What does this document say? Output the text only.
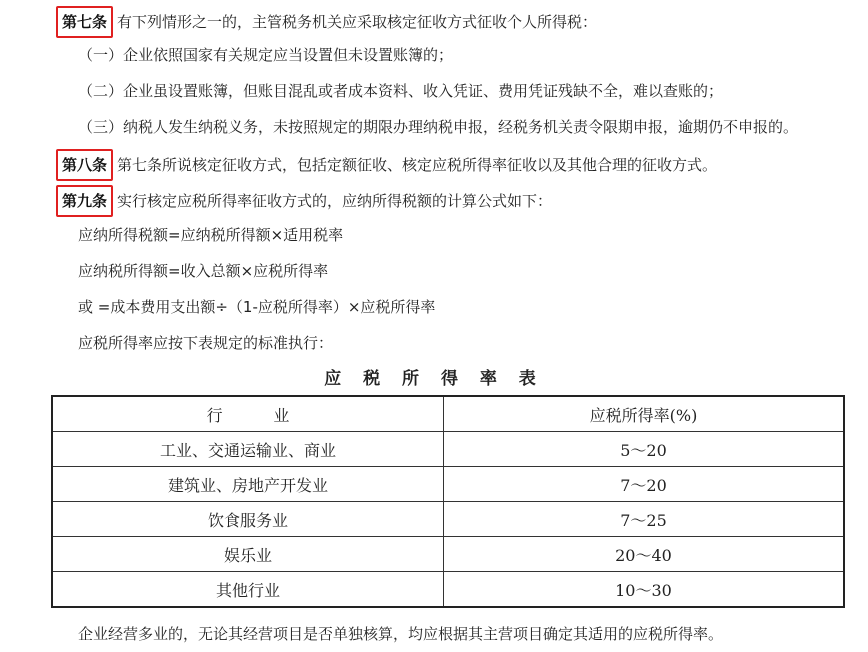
第七条 有下列情形之一的，主管税务机关应采取核定征收方式征收个人所得税：
（一）企业依照国家有关规定应当设置但未设置账簿的；
（二）企业虽设置账簿，但账目混乱或者成本资料、收入凭证、费用凭证残缺不全，难以查账的；
（三）纳税人发生纳税义务，未按照规定的期限办理纳税申报，经税务机关责令限期申报，逾期仍不申报的。
第八条 第七条所说核定征收方式，包括定额征收、核定应税所得率征收以及其他合理的征收方式。
第九条 实行核定应税所得率征收方式的，应纳所得税额的计算公式如下：
应纳所得税额=应纳税所得额×适用税率
应纳税所得额=收入总额×应税所得率
或 =成本费用支出额÷（1-应税所得率）×应税所得率
应税所得率应按下表规定的标准执行：
应 税 所 得 率 表
行          业	应税所得率(%)
工业、交通运输业、商业	5～20
建筑业、房地产开发业	7～20
饮食服务业	7～25
娱乐业	20～40
其他行业	10～30
企业经营多业的，无论其经营项目是否单独核算，均应根据其主营项目确定其适用的应税所得率。
